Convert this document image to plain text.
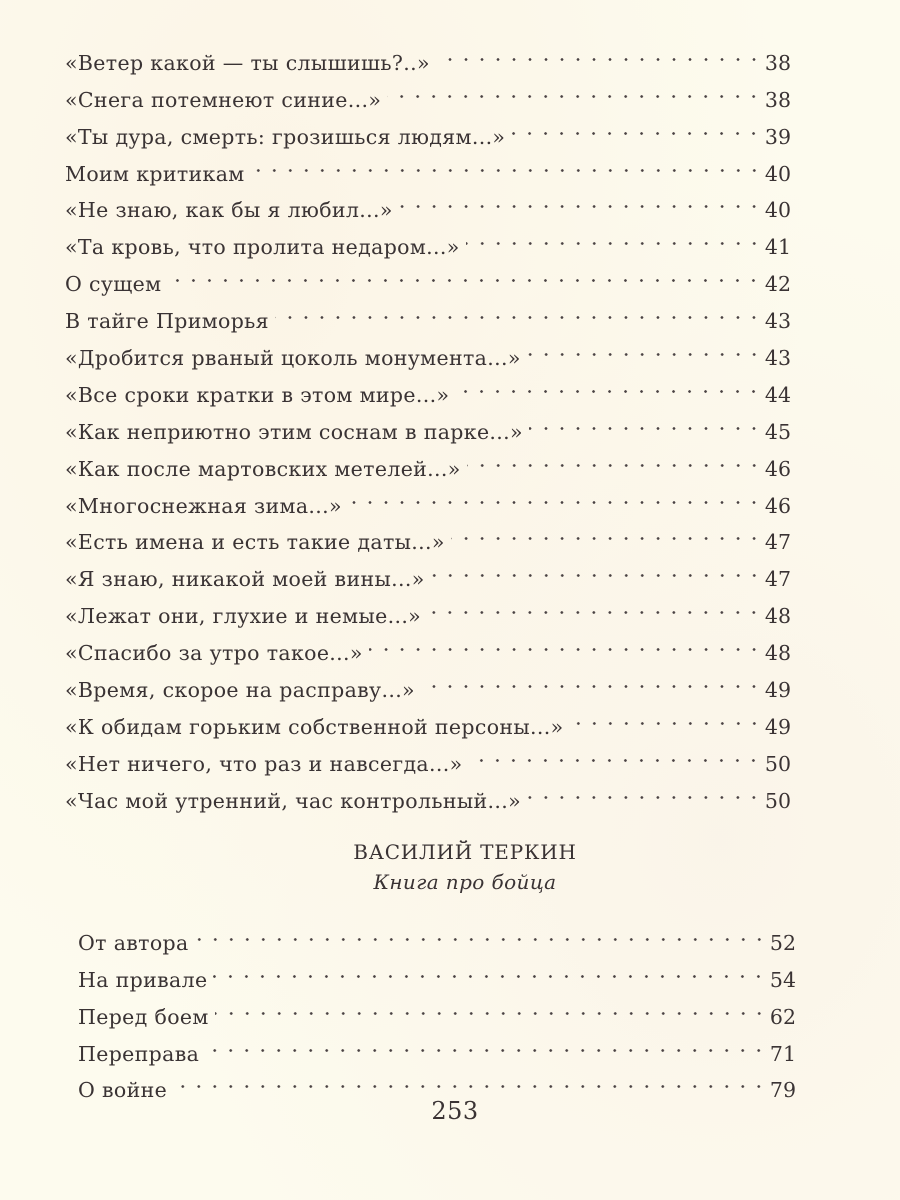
«Ветер какой — ты слышишь?..»	38
«Снега потемнеют синие...»	38
«Ты дура, смерть: грозишься людям...»	39
Моим критикам	40
«Не знаю, как бы я любил...»	40
«Та кровь, что пролита недаром...»	41
О сущем	42
В тайге Приморья	43
«Дробится рваный цоколь монумента...»	43
«Все сроки кратки в этом мире...»	44
«Как неприютно этим соснам в парке...»	45
«Как после мартовских метелей...»	46
«Многоснежная зима...»	46
«Есть имена и есть такие даты...»	47
«Я знаю, никакой моей вины...»	47
«Лежат они, глухие и немые...»	48
«Спасибо за утро такое...»	48
«Время, скорое на расправу...»	49
«К обидам горьким собственной персоны...»	49
«Нет ничего, что раз и навсегда...»	50
«Час мой утренний, час контрольный...»	50
ВАСИЛИЙ ТЕРКИН
Книга про бойца
От автора	52
На привале	54
Перед боем	62
Переправа	71
О войне	79
253
